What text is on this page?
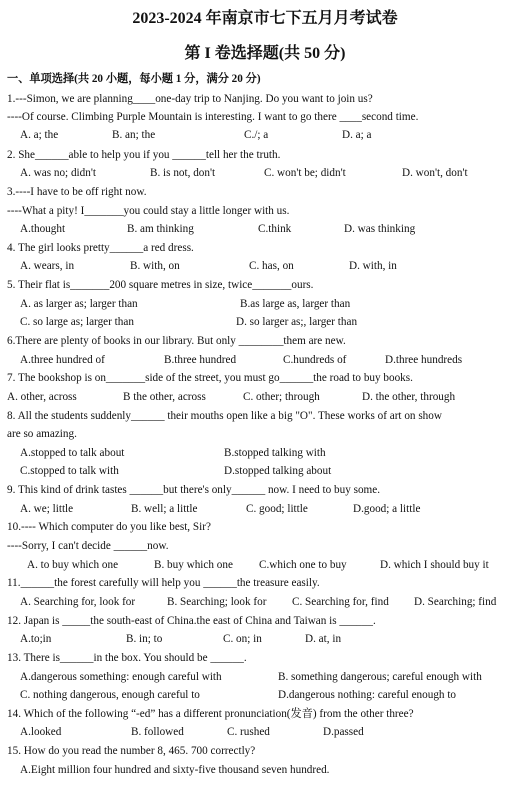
2023-2024 年南京市七下五月月考试卷
第 I 卷选择题(共 50 分)
一、单项选择(共 20 小题，每小题 1 分，满分 20 分)
1.---Simon, we are planning____one-day trip to Nanjing. Do you want to join us?
----Of course. Climbing Purple Mountain is interesting. I want to go there ____second time.
A. a; the	B. an; the	C./; a	D. a; a
2. She______able to help you if you ______tell her the truth.
A. was no; didn't	B. is not, don't	C. won't be; didn't	D. won't, don't
3.----I have to be off right now.
----What a pity! I_______you could stay a little longer with us.
A.thought	B. am thinking	C.think	D. was thinking
4. The girl looks pretty______a red dress.
A. wears, in	B. with, on	C. has, on	D. with, in
5. Their flat is_______200 square metres in size, twice_______ours.
A. as larger as; larger than	B.as large as, larger than
C. so large as; larger than	D. so larger as;, larger than
6.There are plenty of books in our library. But only ________them are new.
A.three hundred of	B.three hundred	C.hundreds of	D.three hundreds
7. The bookshop is on_______side of the street, you must go______the road to buy books.
A. other, across	B the other, across	C. other; through	D. the other, through
8. All the students suddenly______ their mouths open like a big "O". These works of art on show
are so amazing.
A.stopped to talk about	B.stopped talking with
C.stopped to talk with	D.stopped talking about
9. This kind of drink tastes ______but there's only______ now. I need to buy some.
A. we; little	B. well; a little	C. good; little	D.good; a little
10.---- Which computer do you like best, Sir?
----Sorry, I can't decide ______now.
A. to buy which one	B. buy which one C.which one to buy	D. which I should buy it
11.______the forest carefully will help you ______the treasure easily.
A. Searching for, look for	B. Searching; look for C. Searching for, find D. Searching; find
12. Japan is _____the south-east of China.the east of China and Taiwan is ______.
A.to;in	B. in; to	C. on; in	D. at, in
13. There is______in the box. You should be ______.
A.dangerous something: enough careful with	B. something dangerous; careful enough with
C. nothing dangerous, enough careful to	D.dangerous nothing: careful enough to
14. Which of the following “-ed” has a different pronunciation(发音) from the other three?
A.looked	B. followed	C. rushed	D.passed
15. How do you read the number 8, 465. 700 correctly?
A.Eight million four hundred and sixty-five thousand seven hundred.
